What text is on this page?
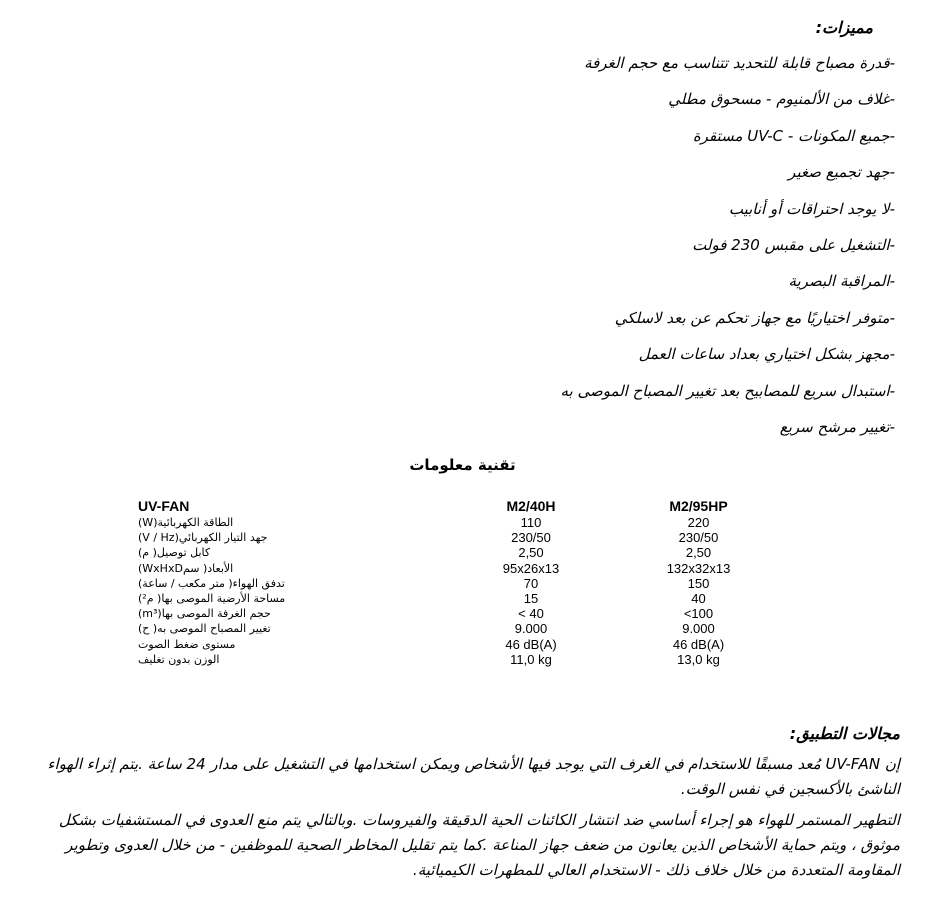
مميزات:
-قدرة مصباح قابلة للتحديد تتناسب مع حجم الغرفة
-غلاف من الألمنيوم - مسحوق مطلي
-جميع المكونات - UV-C مستقرة
-جهد تجميع صغير
-لا يوجد احتراقات أو أنابيب
-التشغيل على مقبس 230 فولت
-المراقبة البصرية
-متوفر اختياريًا مع جهاز تحكم عن بعد لاسلكي
-مجهز بشكل اختياري بعداد ساعات العمل
-استبدال سريع للمصابيح بعد تغيير المصباح الموصى به
-تغيير مرشح سريع
تقنية معلومات
UV-FAN	M2/40H	M2/95HP
الطاقة الكهربائية(W)	110	220
جهد التيار الكهربائي(V / Hz)	230/50	230/50
كابل توصيل( م)	2,50	2,50
الأبعاد( سمWxHxD)	95x26x13	132x32x13
تدفق الهواء( متر مكعب / ساعة)	70	150
مساحة الأرضية الموصى بها( م²)	15	40
حجم الغرفة الموصى بها(m³)	< 40	<100
تغيير المصباح الموصى به( ح)	9.000	9.000
مستوى ضغط الصوت	46 dB(A)	46 dB(A)
الوزن بدون تغليف	11,0 kg	13,0 kg
مجالات التطبيق:

إن UV-FAN مُعد مسبقًا للاستخدام في الغرف التي يوجد فيها الأشخاص ويمكن استخدامها في التشغيل على مدار 24 ساعة .يتم إثراء الهواء الناشئ بالأكسجين في نفس الوقت.

التطهير المستمر للهواء هو إجراء أساسي ضد انتشار الكائنات الحية الدقيقة والفيروسات .وبالتالي يتم منع العدوى في المستشفيات بشكل موثوق ، ويتم حماية الأشخاص الذين يعانون من ضعف جهاز المناعة .كما يتم تقليل المخاطر الصحية للموظفين - من خلال العدوى وتطوير المقاومة المتعددة من خلال خلاف ذلك - الاستخدام العالي للمطهرات الكيميائية.
